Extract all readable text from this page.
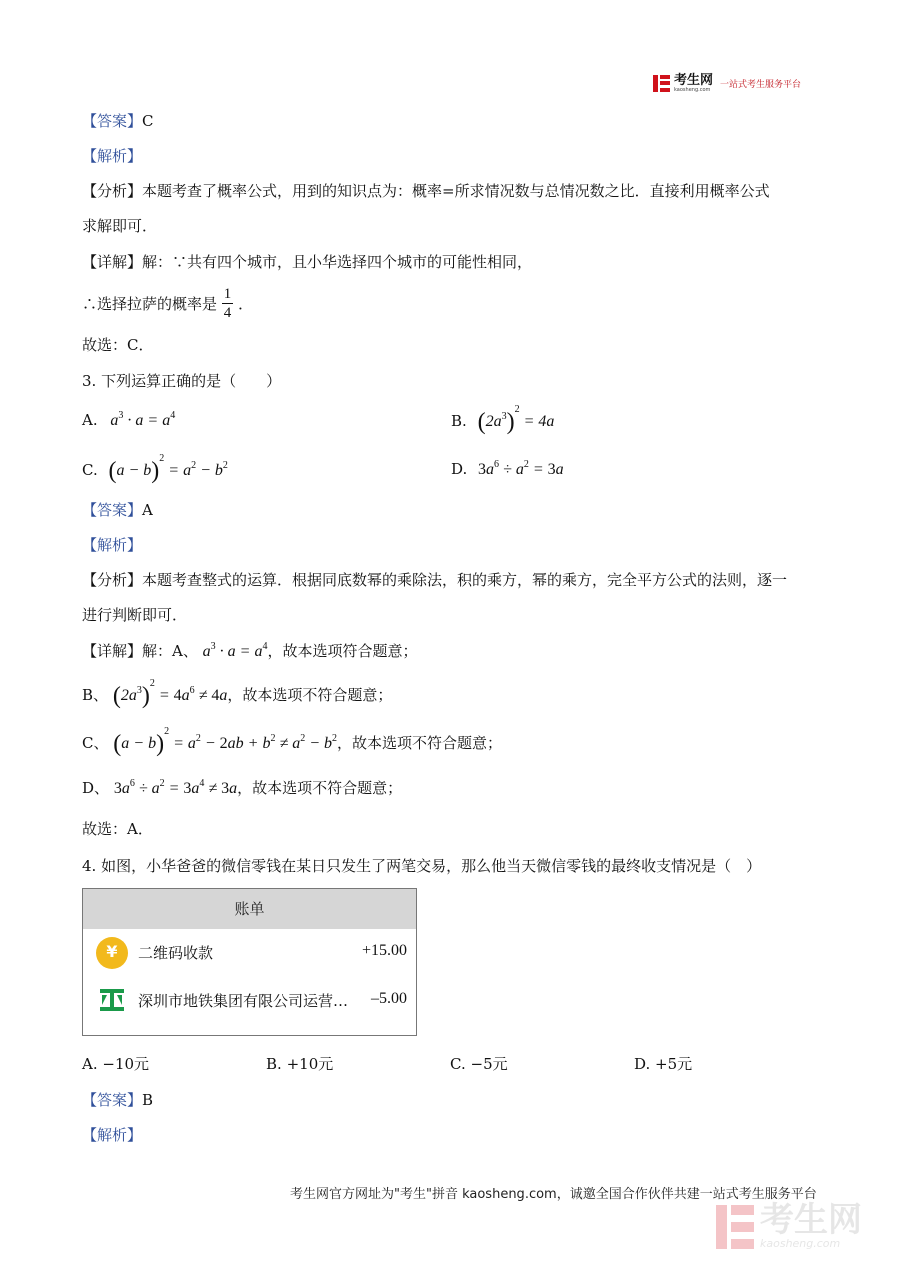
考生网
kaosheng.com 一站式考生服务平台
【答案】C
【解析】
【分析】本题考查了概率公式，用到的知识点为：概率=所求情况数与总情况数之比．直接利用概率公式
求解即可．
【详解】解：∵共有四个城市，且小华选择四个城市的可能性相同，
∴选择拉萨的概率是 $\frac{1}{4}$ ．
故选：C．
3. 下列运算正确的是（　　）
A. $a^3 \cdot a = a^4$	B. $(2a^3)^2 = 4a$
C. $(a - b)^2 = a^2 - b^2$	D. $3a^6 \div a^2 = 3a$
【答案】A
【解析】
【分析】本题考查整式的运算．根据同底数幂的乘除法，积的乘方，幂的乘方，完全平方公式的法则，逐一
进行判断即可．
【详解】解：A、 $a^3 \cdot a = a^4$，故本选项符合题意；
B、 $(2a^3)^2 = 4a^6 \ne 4a$，故本选项不符合题意；
C、 $(a - b)^2 = a^2 - 2ab + b^2 \ne a^2 - b^2$，故本选项不符合题意；
D、 $3a^6 \div a^2 = 3a^4 \ne 3a$，故本选项不符合题意；
故选：A．
4. 如图，小华爸爸的微信零钱在某日只发生了两笔交易，那么他当天微信零钱的最终收支情况是（　）
账单
¥
二维码收款	+15.00
深圳市地铁集团有限公司运营… –5.00
A. −10元	B. +10元	C. −5元	D. +5元
【答案】B
【解析】
考生网官方网址为"考生"拼音 kaosheng.com，诚邀全国合作伙伴共建一站式考生服务平台
考生网
kaosheng.com
